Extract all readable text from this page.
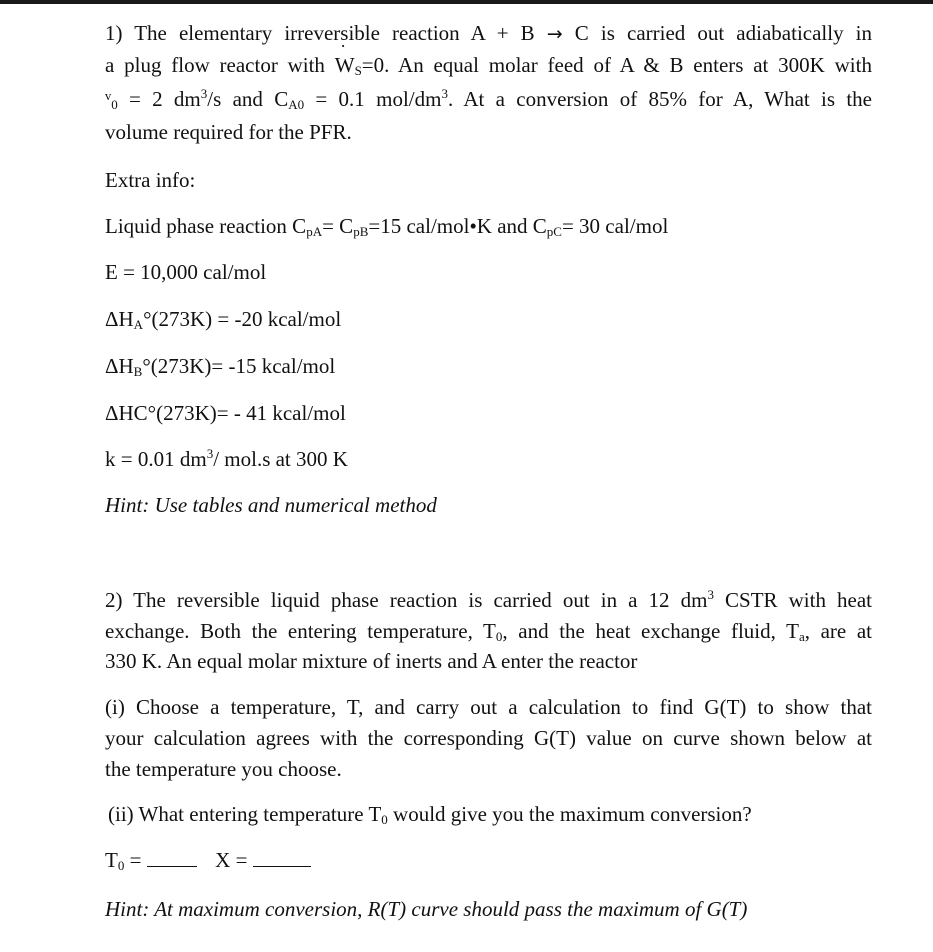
1) The elementary irreversible reaction A + B → C is carried out adiabatically in
a plug flow reactor with ˙ $W_S=0$. An equal molar feed of A & B enters at 300K with
ᵛ$_0$ = 2 $dm^3/s$ and $C_{A0} = 0.1$ mol/$dm^3$. At a conversion of 85% for A, What is the
volume required for the PFR.
Extra info:
Liquid phase reaction $C_{pA}= C_{pB}=15$ cal/mol•K and $C_{pC}= 30$ cal/mol
E = 10,000 cal/mol
$\Delta H_A^\circ(273K) = -20$ kcal/mol
$\Delta H_B^\circ(273K)= -15$ kcal/mol
ΔHC°(273K)= - 41 kcal/mol
k = 0.01 $dm^3/$ mol.s at 300 K
Hint: Use tables and numerical method
2) The reversible liquid phase reaction is carried out in a 12 $dm^3$ CSTR with heat
exchange. Both the entering temperature, $T_0$, and the heat exchange fluid, $T_a$, are at
330 K. An equal molar mixture of inerts and A enter the reactor
(i) Choose a temperature, T, and carry out a calculation to find G(T) to show that
your calculation agrees with the corresponding G(T) value on curve shown below at
the temperature you choose.
(ii) What entering temperature $T_0$ would give you the maximum conversion?
$T_0$ =	X =
Hint: At maximum conversion, R(T) curve should pass the maximum of G(T)
